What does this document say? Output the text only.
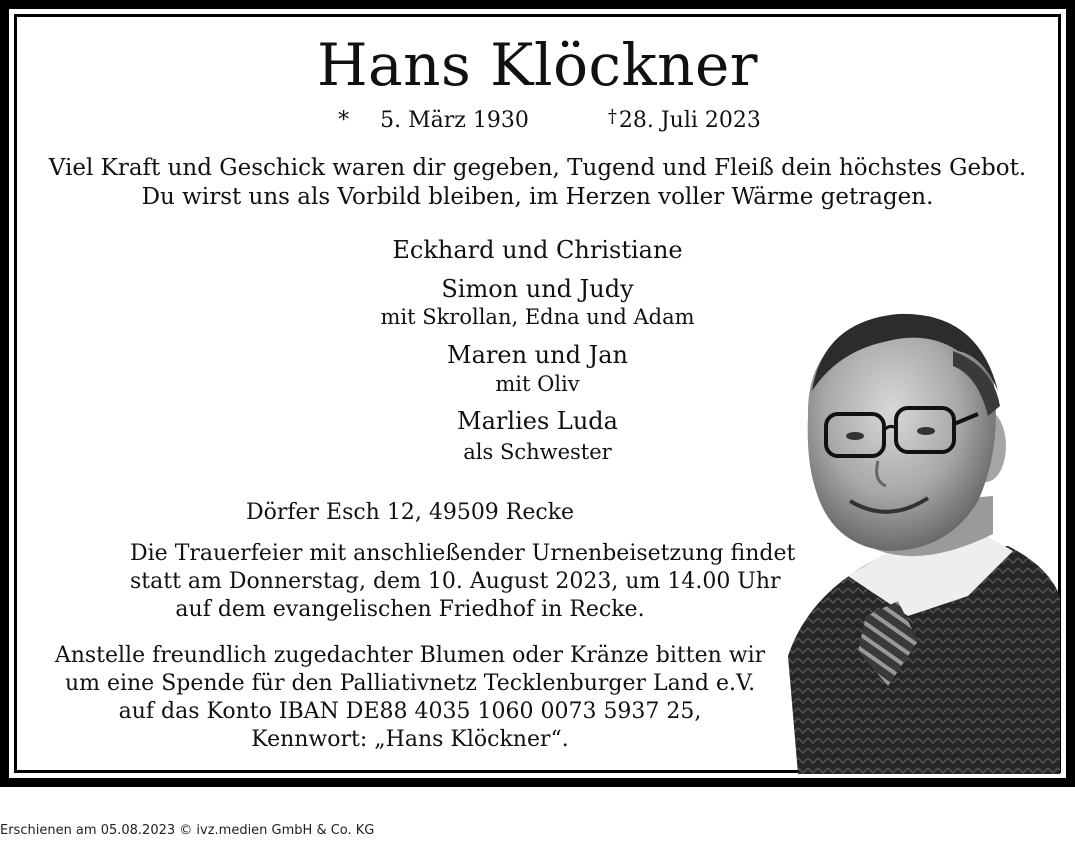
Hans Klöckner
* 5. März 1930	†28. Juli 2023
Viel Kraft und Geschick waren dir gegeben, Tugend und Fleiß dein höchstes Gebot.
Du wirst uns als Vorbild bleiben, im Herzen voller Wärme getragen.
Eckhard und Christiane
Simon und Judy
mit Skrollan, Edna und Adam
Maren und Jan
mit Oliv
Marlies Luda
als Schwester
Dörfer Esch 12, 49509 Recke
Die Trauerfeier mit anschließender Urnenbeisetzung findet
statt am Donnerstag, dem 10. August 2023, um 14.00 Uhr
auf dem evangelischen Friedhof in Recke.
Anstelle freundlich zugedachter Blumen oder Kränze bitten wir
um eine Spende für den Palliativnetz Tecklenburger Land e.V.
auf das Konto IBAN DE88 4035 1060 0073 5937 25,
Kennwort: „Hans Klöckner“.
Erschienen am 05.08.2023 © ivz.medien GmbH & Co. KG
